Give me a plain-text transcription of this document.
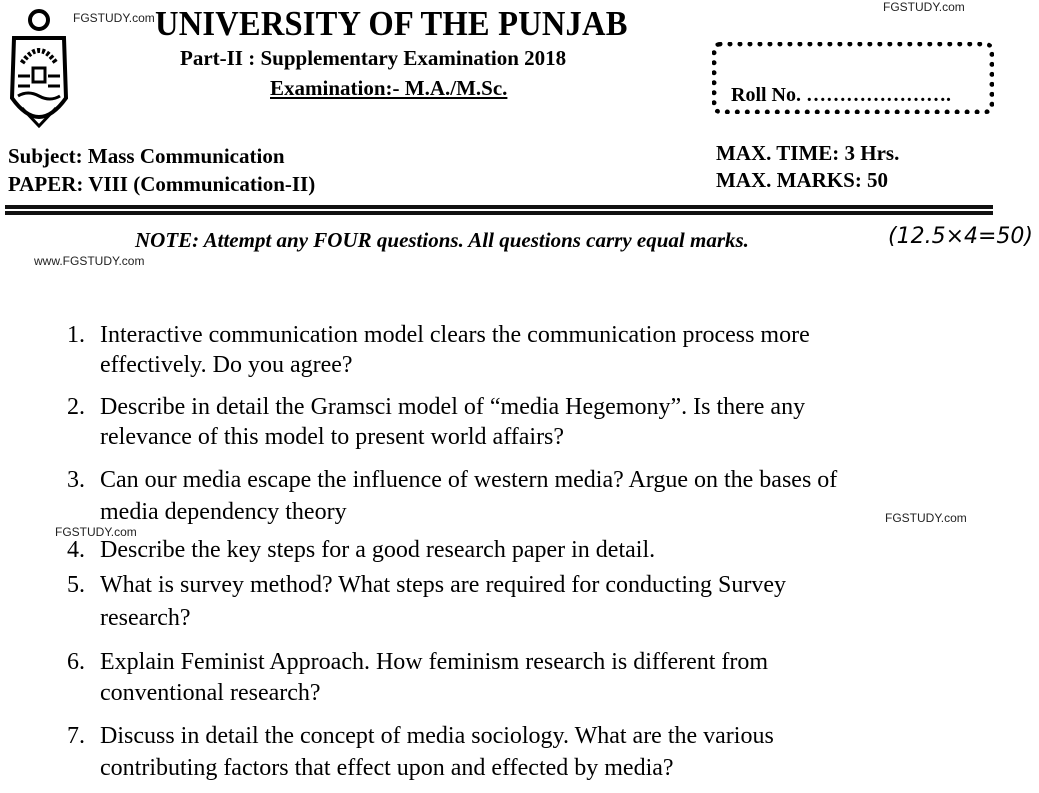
FGSTUDY.com
FGSTUDY.com
www.FGSTUDY.com
FGSTUDY.com
FGSTUDY.com
UNIVERSITY OF THE PUNJAB
Part-II : Supplementary Examination 2018
Examination:- M.A./M.Sc.	Roll No. ………………….
Subject: Mass Communication
PAPER: VIII (Communication-II)
MAX. TIME: 3 Hrs.
MAX. MARKS: 50
NOTE: Attempt any FOUR questions. All questions carry equal marks.	(12.5×4=50)
1. Interactive communication model clears the communication process more
effectively. Do you agree?
2. Describe in detail the Gramsci model of “media Hegemony”. Is there any
relevance of this model to present world affairs?
3. Can our media escape the influence of western media? Argue on the bases of
media dependency theory
4. Describe the key steps for a good research paper in detail.
5. What is survey method? What steps are required for conducting Survey
research?
6. Explain Feminist Approach. How feminism research is different from
conventional research?
7. Discuss in detail the concept of media sociology. What are the various
contributing factors that effect upon and effected by media?
